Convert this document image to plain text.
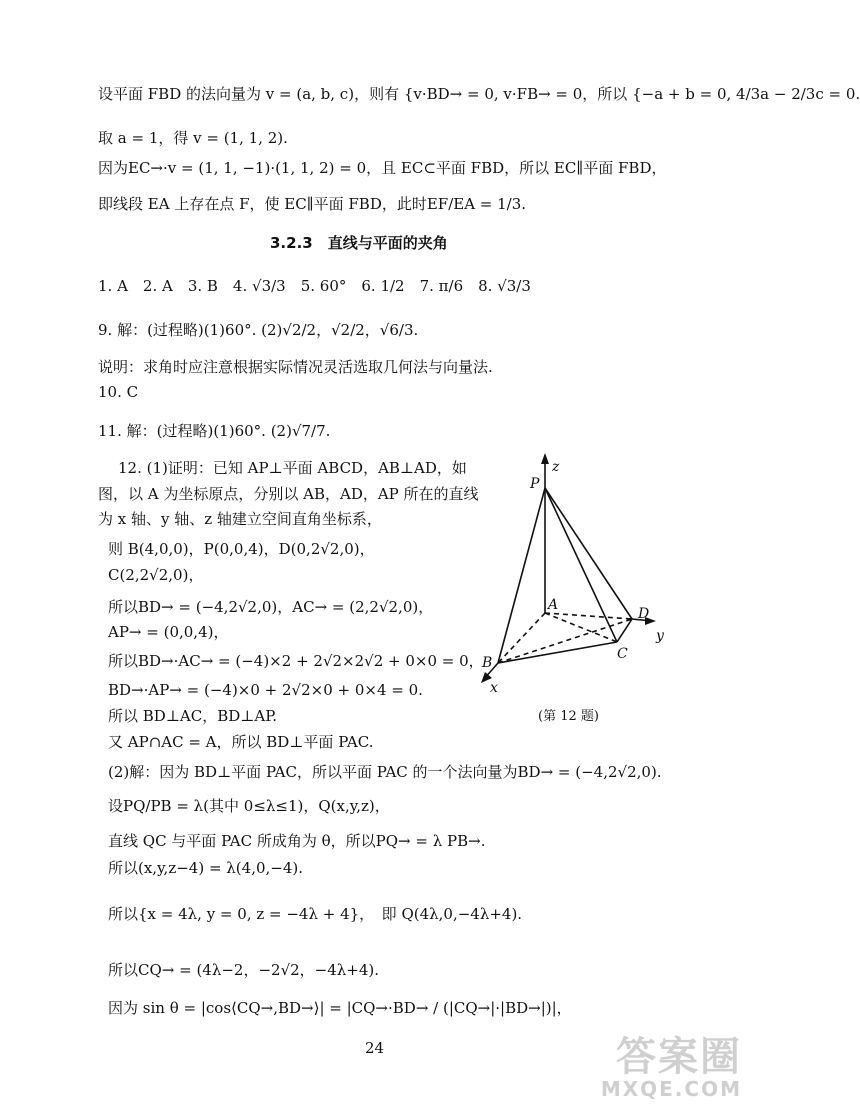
设平面 FBD 的法向量为 v = (a, b, c)，则有 {v·BD→ = 0, v·FB→ = 0，所以 {−a + b = 0, 4/3a − 2/3c = 0.
取 a = 1，得 v = (1, 1, 2).
因为EC→·v = (1, 1, −1)·(1, 1, 2) = 0，且 EC⊂平面 FBD，所以 EC∥平面 FBD，
即线段 EA 上存在点 F，使 EC∥平面 FBD，此时EF/EA = 1/3.
3.2.3　直线与平面的夹角
1. A　2. A　3. B　4. √3/3　5. 60°　6. 1/2　7. π/6　8. √3/3
9. 解：(过程略)(1)60°. (2)√2/2，√2/2，√6/3.
说明：求角时应注意根据实际情况灵活选取几何法与向量法.
10. C
11. 解：(过程略)(1)60°. (2)√7/7.
12. (1)证明：已知 AP⊥平面 ABCD，AB⊥AD，如
图，以 A 为坐标原点，分别以 AB，AD，AP 所在的直线
为 x 轴、y 轴、z 轴建立空间直角坐标系，
则 B(4,0,0)，P(0,0,4)，D(0,2√2,0)，
C(2,2√2,0)，
所以BD→ = (−4,2√2,0)，AC→ = (2,2√2,0)，
AP→ = (0,0,4)，
所以BD→·AC→ = (−4)×2 + 2√2×2√2 + 0×0 = 0，
BD→·AP→ = (−4)×0 + 2√2×0 + 0×4 = 0.
所以 BD⊥AC，BD⊥AP.
又 AP∩AC = A，所以 BD⊥平面 PAC.
(2)解：因为 BD⊥平面 PAC，所以平面 PAC 的一个法向量为BD→ = (−4,2√2,0).
设PQ/PB = λ(其中 0≤λ≤1)，Q(x,y,z)，
直线 QC 与平面 PAC 所成角为 θ，所以PQ→ = λ PB→.
所以(x,y,z−4) = λ(4,0,−4).
所以{x = 4λ, y = 0, z = −4λ + 4}，　即 Q(4λ,0,−4λ+4).
所以CQ→ = (4λ−2，−2√2，−4λ+4).
因为 sin θ = |cos⟨CQ→,BD→⟩| = |CQ→·BD→ / (|CQ→|·|BD→|)|，
z
P
A
D
y
C
B
x
(第 12 题)
24	答案圈
MXQE.COM
